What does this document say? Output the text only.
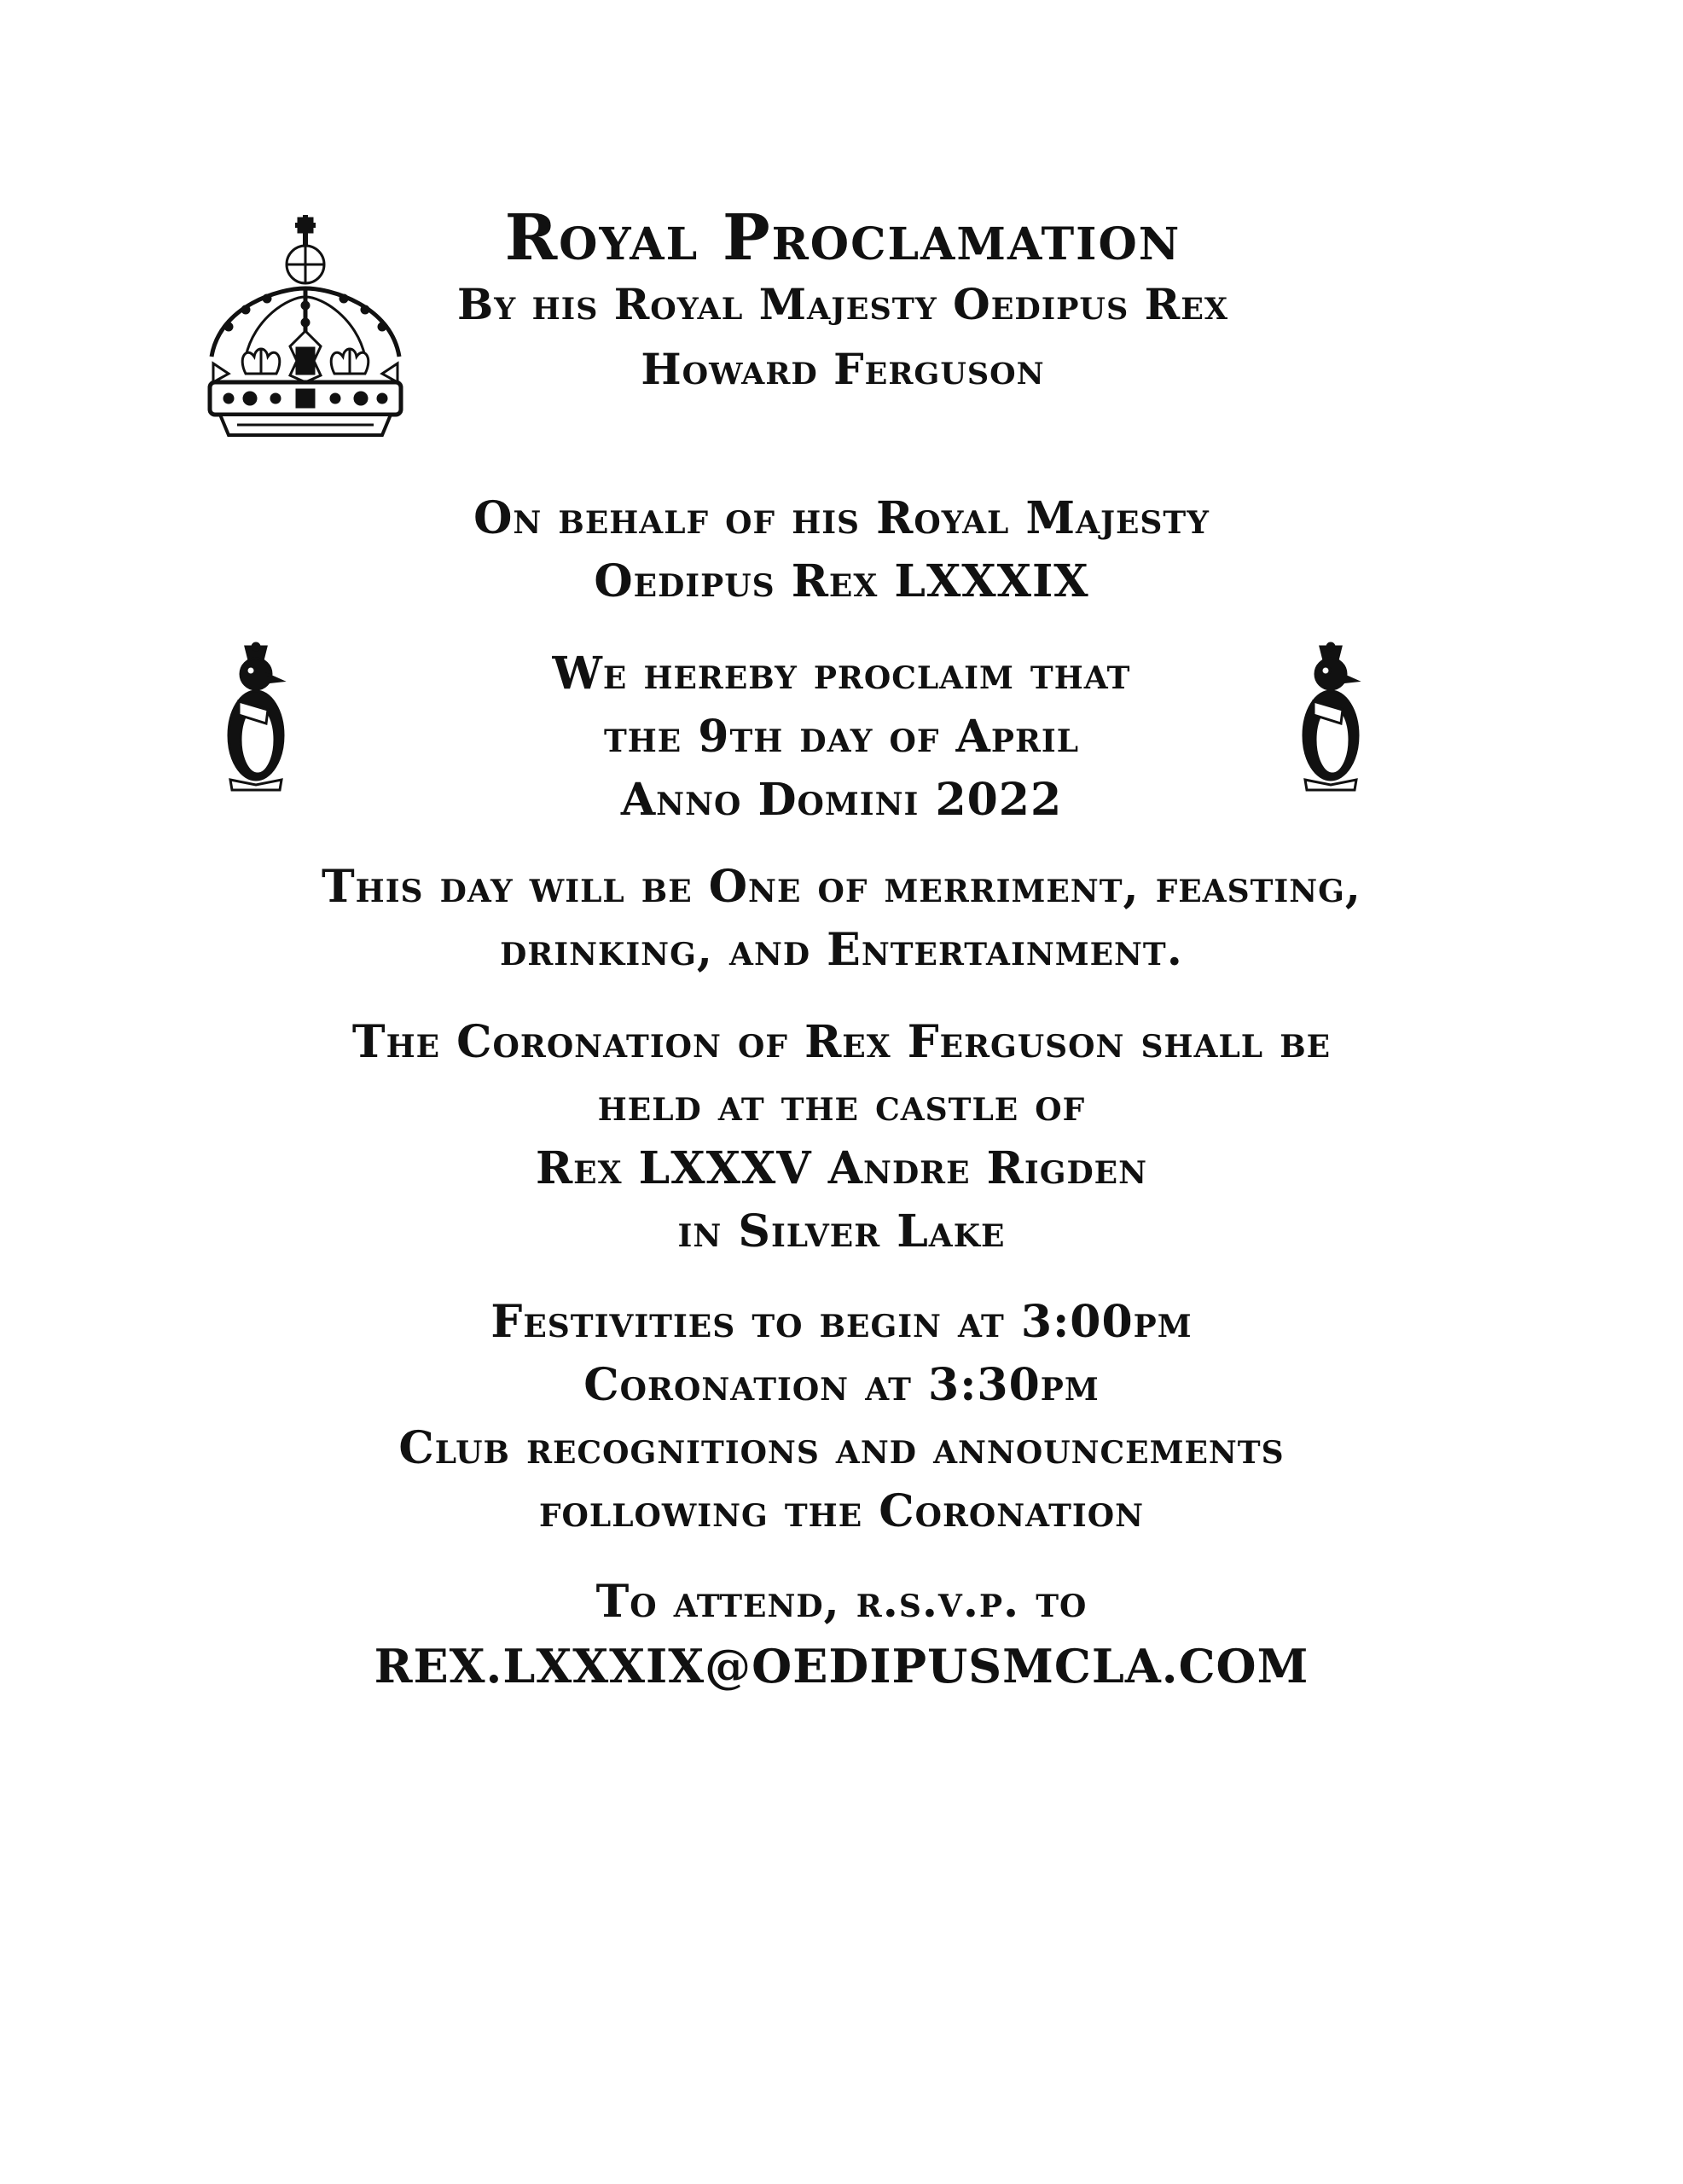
Royal Proclamation
By his Royal Majesty Oedipus Rex
Howard Ferguson
On behalf of his Royal Majesty
Oedipus Rex LXXXIX
We hereby proclaim that
the 9th day of April
Anno Domini 2022
This day will be One of merriment, feasting,
drinking, and Entertainment.
The Coronation of Rex Ferguson shall be
held at the castle of
Rex LXXXV Andre Rigden
in Silver Lake
Festivities to begin at 3:00pm
Coronation at 3:30pm
Club recognitions and announcements
following the Coronation
To attend, r.s.v.p. to
REX.LXXXIX@OEDIPUSMCLA.COM
